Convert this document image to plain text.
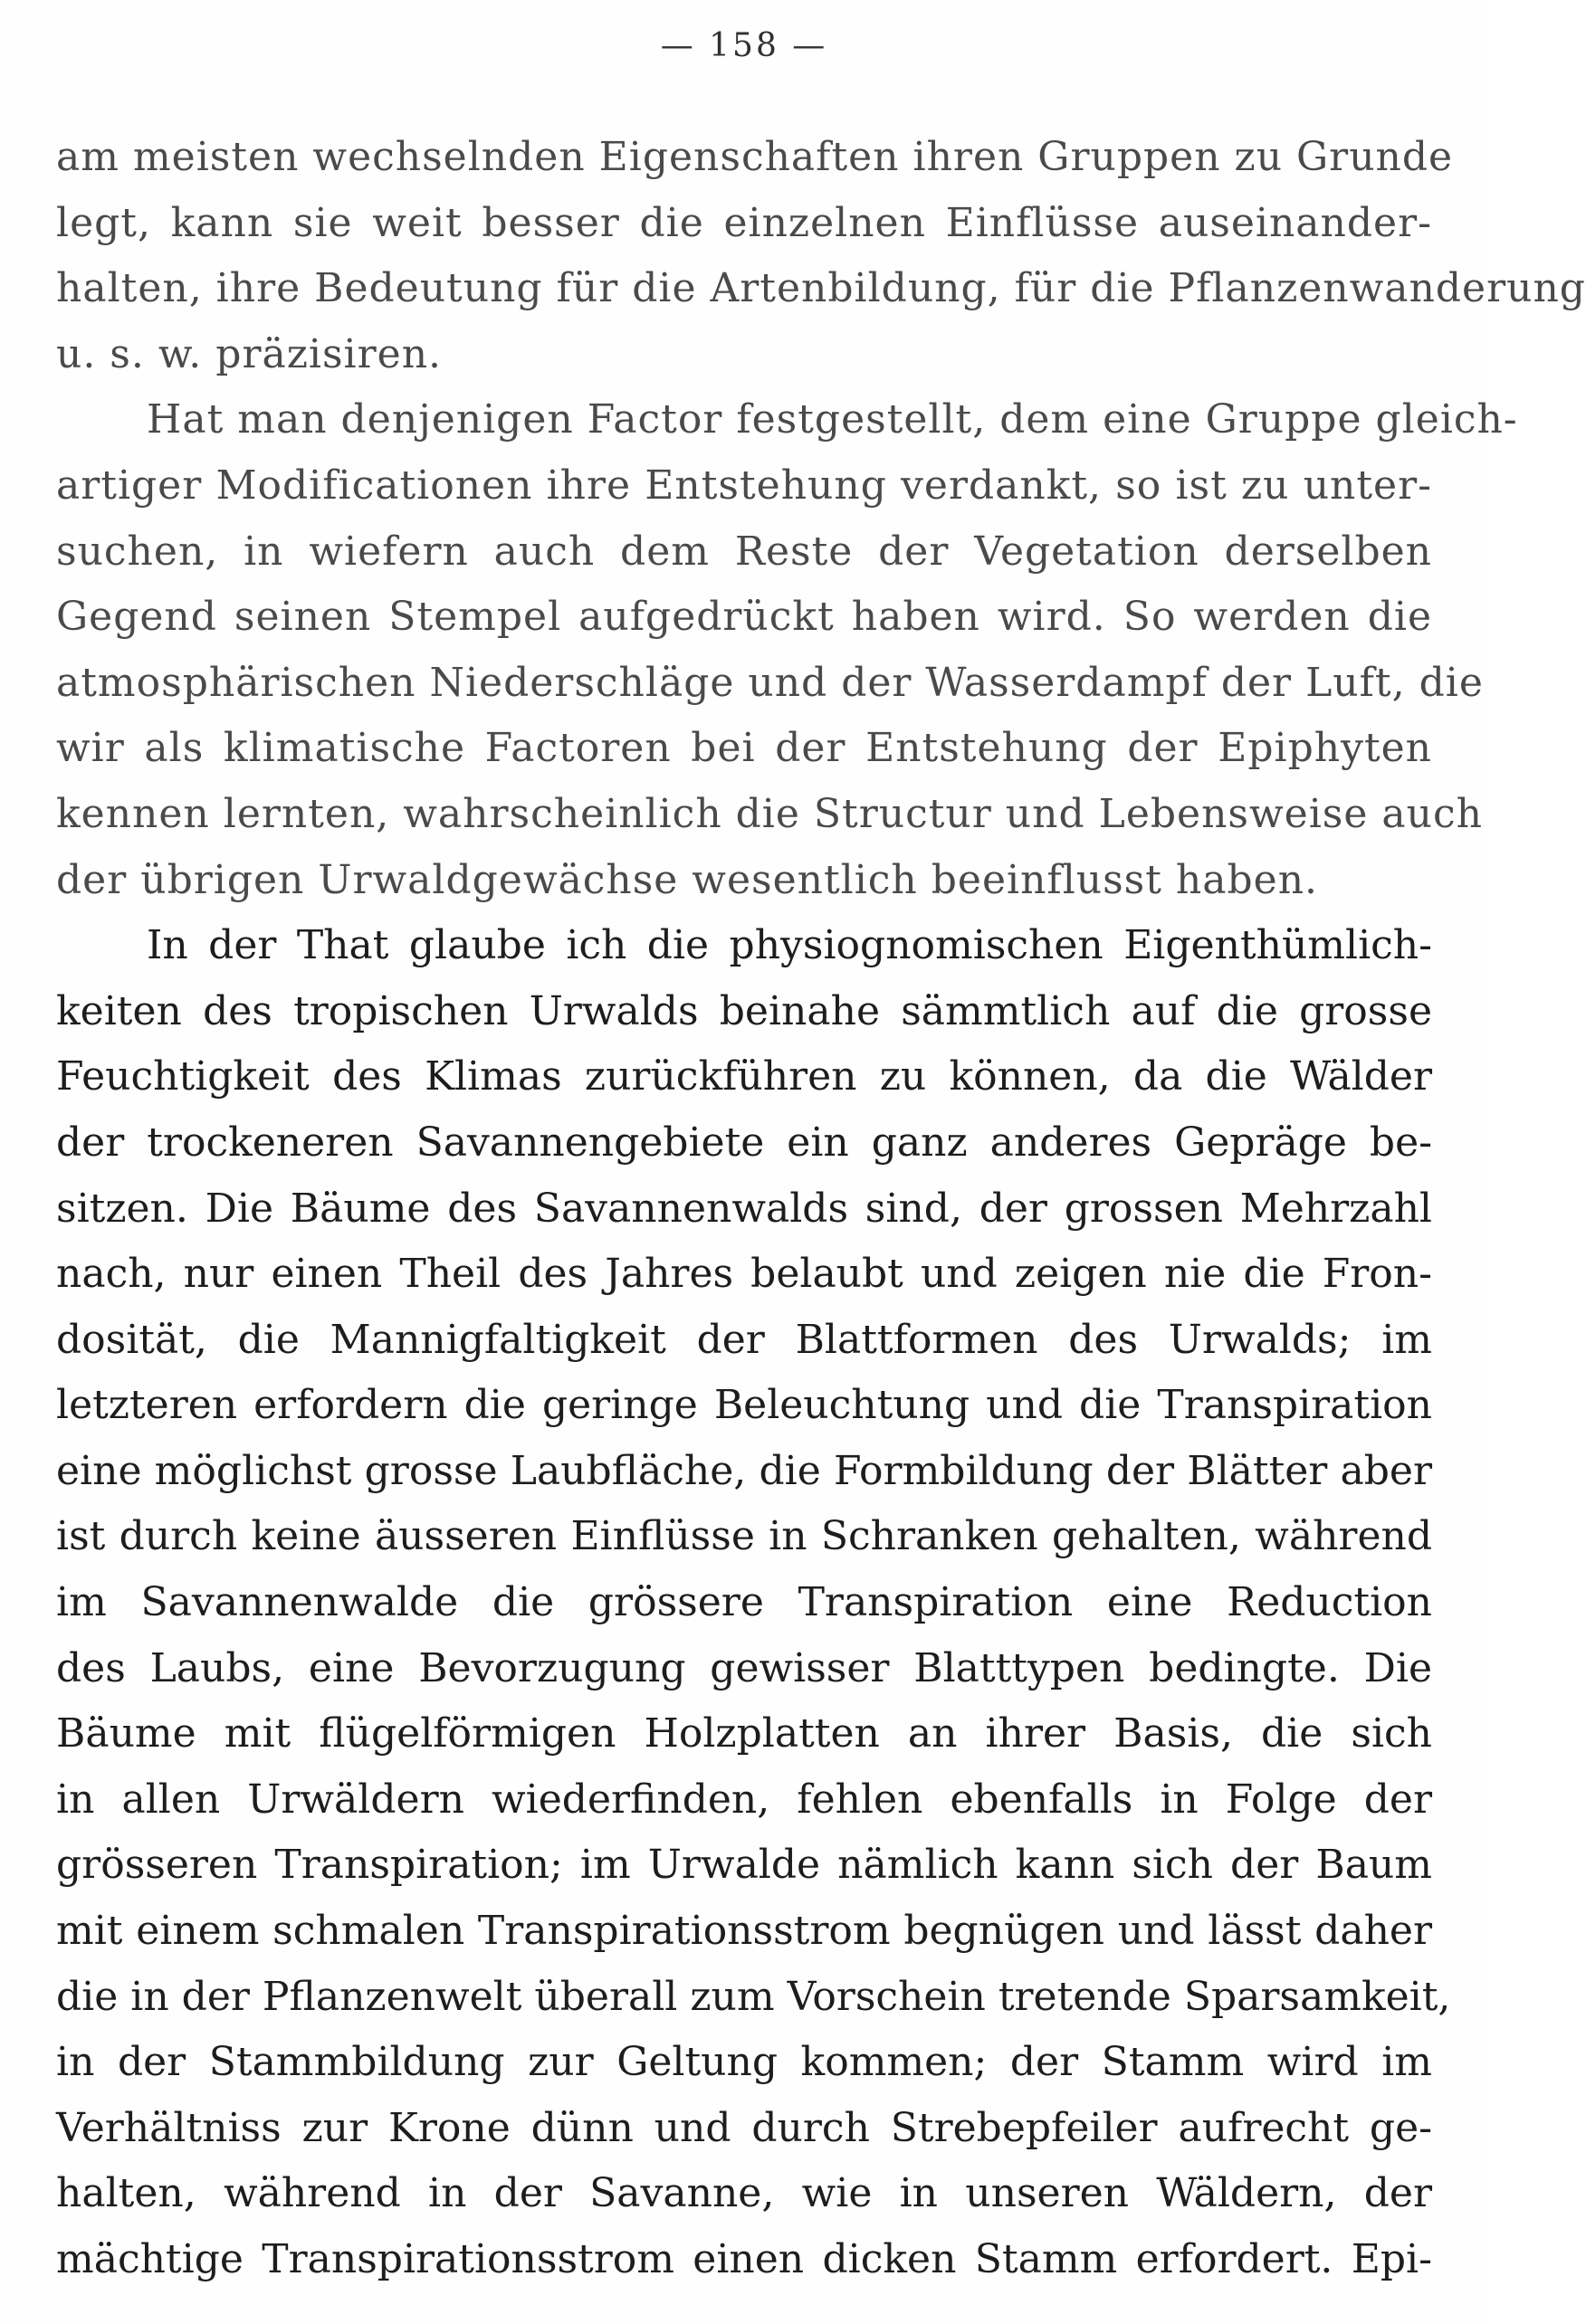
— 158 —
am meisten wechselnden Eigenschaften ihren Gruppen zu Grunde
legt, kann sie weit besser die einzelnen Einflüsse auseinander-
halten, ihre Bedeutung für die Artenbildung, für die Pflanzenwanderung
u. s. w. präzisiren.
Hat man denjenigen Factor festgestellt, dem eine Gruppe gleich-
artiger Modificationen ihre Entstehung verdankt, so ist zu unter-
suchen, in wiefern auch dem Reste der Vegetation derselben
Gegend seinen Stempel aufgedrückt haben wird. So werden die
atmosphärischen Niederschläge und der Wasserdampf der Luft, die
wir als klimatische Factoren bei der Entstehung der Epiphyten
kennen lernten, wahrscheinlich die Structur und Lebensweise auch
der übrigen Urwaldgewächse wesentlich beeinflusst haben.
In der That glaube ich die physiognomischen Eigenthümlich-
keiten des tropischen Urwalds beinahe sämmtlich auf die grosse
Feuchtigkeit des Klimas zurückführen zu können, da die Wälder
der trockeneren Savannengebiete ein ganz anderes Gepräge be-
sitzen. Die Bäume des Savannenwalds sind, der grossen Mehrzahl
nach, nur einen Theil des Jahres belaubt und zeigen nie die Fron-
dosität, die Mannigfaltigkeit der Blattformen des Urwalds; im
letzteren erfordern die geringe Beleuchtung und die Transpiration
eine möglichst grosse Laubfläche, die Formbildung der Blätter aber
ist durch keine äusseren Einflüsse in Schranken gehalten, während
im Savannenwalde die grössere Transpiration eine Reduction
des Laubs, eine Bevorzugung gewisser Blatttypen bedingte. Die
Bäume mit flügelförmigen Holzplatten an ihrer Basis, die sich
in allen Urwäldern wiederfinden, fehlen ebenfalls in Folge der
grösseren Transpiration; im Urwalde nämlich kann sich der Baum
mit einem schmalen Transpirationsstrom begnügen und lässt daher
die in der Pflanzenwelt überall zum Vorschein tretende Sparsamkeit,
in der Stammbildung zur Geltung kommen; der Stamm wird im
Verhältniss zur Krone dünn und durch Strebepfeiler aufrecht ge-
halten, während in der Savanne, wie in unseren Wäldern, der
mächtige Transpirationsstrom einen dicken Stamm erfordert. Epi-
